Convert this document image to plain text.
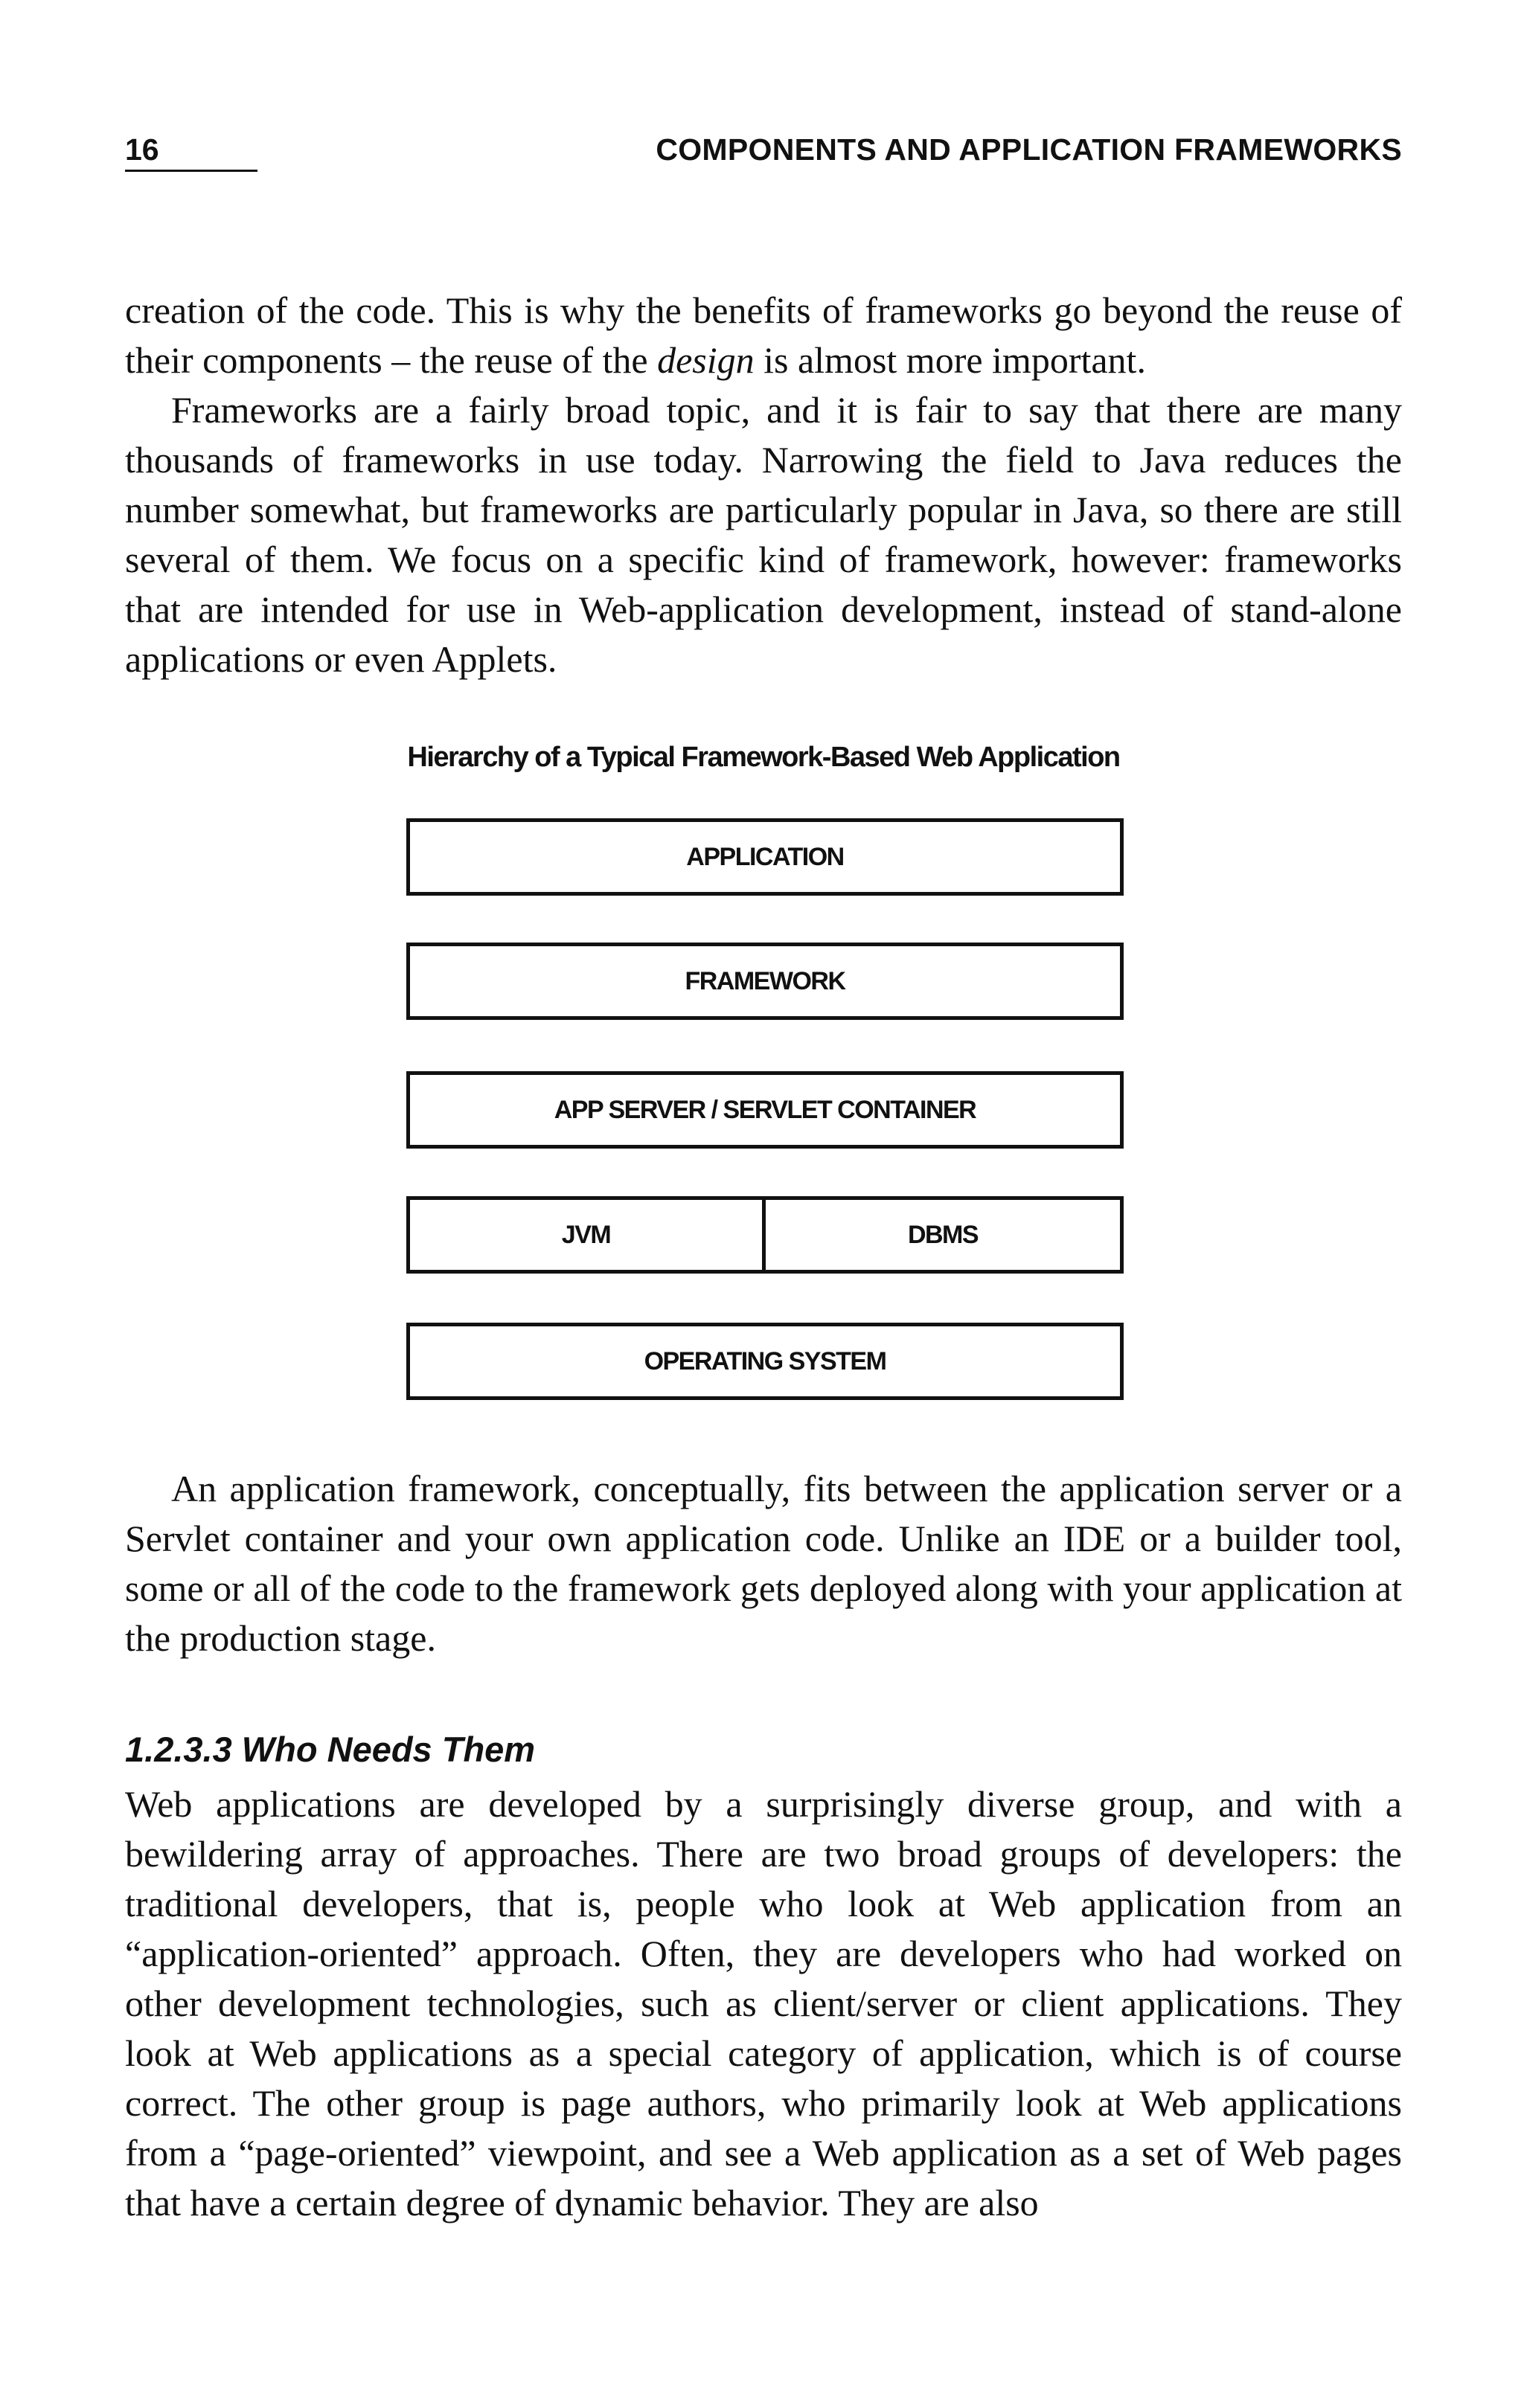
16	COMPONENTS AND APPLICATION FRAMEWORKS

creation of the code. This is why the benefits of frameworks go beyond the reuse of their components – the reuse of the design is almost more important.

Frameworks are a fairly broad topic, and it is fair to say that there are many thousands of frameworks in use today. Narrowing the field to Java reduces the number somewhat, but frameworks are particularly popular in Java, so there are still several of them. We focus on a specific kind of framework, however: frameworks that are intended for use in Web-application development, instead of stand-alone applications or even Applets.

Hierarchy of a Typical Framework-Based Web Application
APPLICATION
FRAMEWORK
APP SERVER / SERVLET CONTAINER
JVM	DBMS
OPERATING SYSTEM

An application framework, conceptually, fits between the application server or a Servlet container and your own application code. Unlike an IDE or a builder tool, some or all of the code to the framework gets deployed along with your application at the production stage.

1.2.3.3 Who Needs Them

Web applications are developed by a surprisingly diverse group, and with a bewildering array of approaches. There are two broad groups of developers: the traditional developers, that is, people who look at Web application from an “application-oriented” approach. Often, they are developers who had worked on other development technologies, such as client/server or client applications. They look at Web applications as a special category of application, which is of course correct. The other group is page authors, who primarily look at Web applications from a “page-oriented” viewpoint, and see a Web application as a set of Web pages that have a certain degree of dynamic behavior. They are also
